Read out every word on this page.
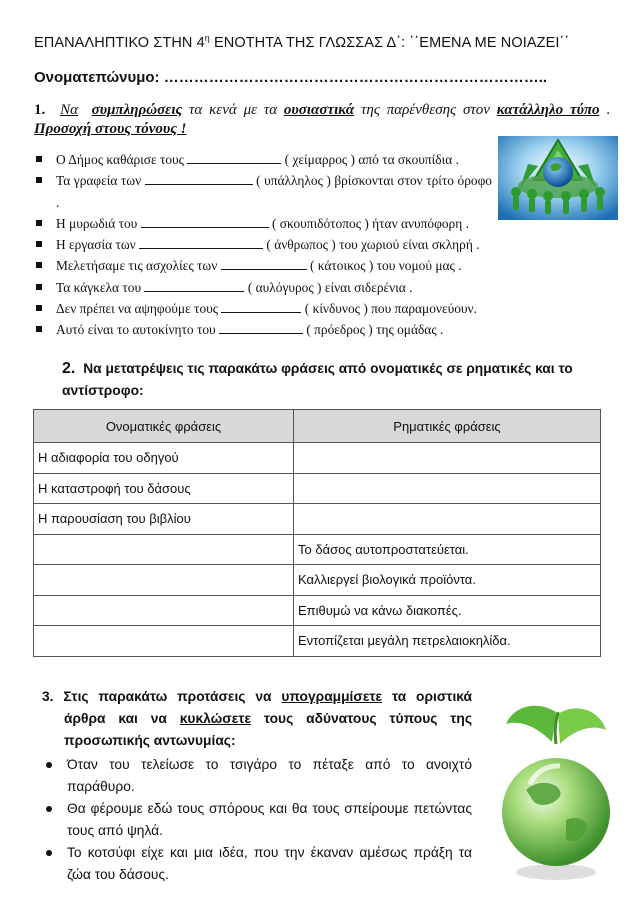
ΕΠΑΝΑΛΗΠΤΙΚΟ ΣΤΗΝ $4^\eta$ ΕΝΟΤΗΤΑ ΤΗΣ ΓΛΩΣΣΑΣ Δ΄: ΄΄ΕΜΕΝΑ ΜΕ ΝΟΙΑΖΕΙ΄΄
Ονοματεπώνυμο: …………………………………………………………………..
1. Να συμπληρώσεις τα κενά με τα ουσιαστικά της παρένθεσης στον κατάλληλο τύπο . Προσοχή στους τόνους !
Ο Δήμος καθάρισε τους	( χείμαρρος ) από τα σκουπίδια .
Τα γραφεία των	( υπάλληλος ) βρίσκονται στον τρίτο όροφο .
Η μυρωδιά του	( σκουπιδότοπος ) ήταν ανυπόφορη .
Η εργασία των	( άνθρωπος ) του χωριού είναι σκληρή .
Μελετήσαμε τις ασχολίες των	( κάτοικος ) του νομού μας .
Τα κάγκελα του	( αυλόγυρος ) είναι σιδερένια .
Δεν πρέπει να αψηφούμε τους	( κίνδυνος ) που παραμονεύουν.
Αυτό είναι το αυτοκίνητο του	( πρόεδρος ) της ομάδας .
2. Να μετατρέψεις τις παρακάτω φράσεις από ονοματικές σε ρηματικές και το αντίστροφο:
Ονοματικές φράσεις	Ρηματικές φράσεις
Η αδιαφορία του οδηγού	
Η καταστροφή του δάσους	
Η παρουσίαση του βιβλίου	
	Το δάσος αυτοπροστατεύεται.
	Καλλιεργεί βιολογικά προϊόντα.
	Επιθυμώ να κάνω διακοπές.
	Εντοπίζεται μεγάλη πετρελαιοκηλίδα.
3. Στις παρακάτω προτάσεις να υπογραμμίσετε τα οριστικά άρθρα και να κυκλώσετε τους αδύνατους τύπους της προσωπικής αντωνυμίας:
Όταν του τελείωσε το τσιγάρο το πέταξε από το ανοιχτό παράθυρο.
Θα φέρουμε εδώ τους σπόρους και θα τους σπείρουμε πετώντας τους από ψηλά.
Το κοτσύφι είχε και μια ιδέα, που την έκαναν αμέσως πράξη τα ζώα του δάσους.
